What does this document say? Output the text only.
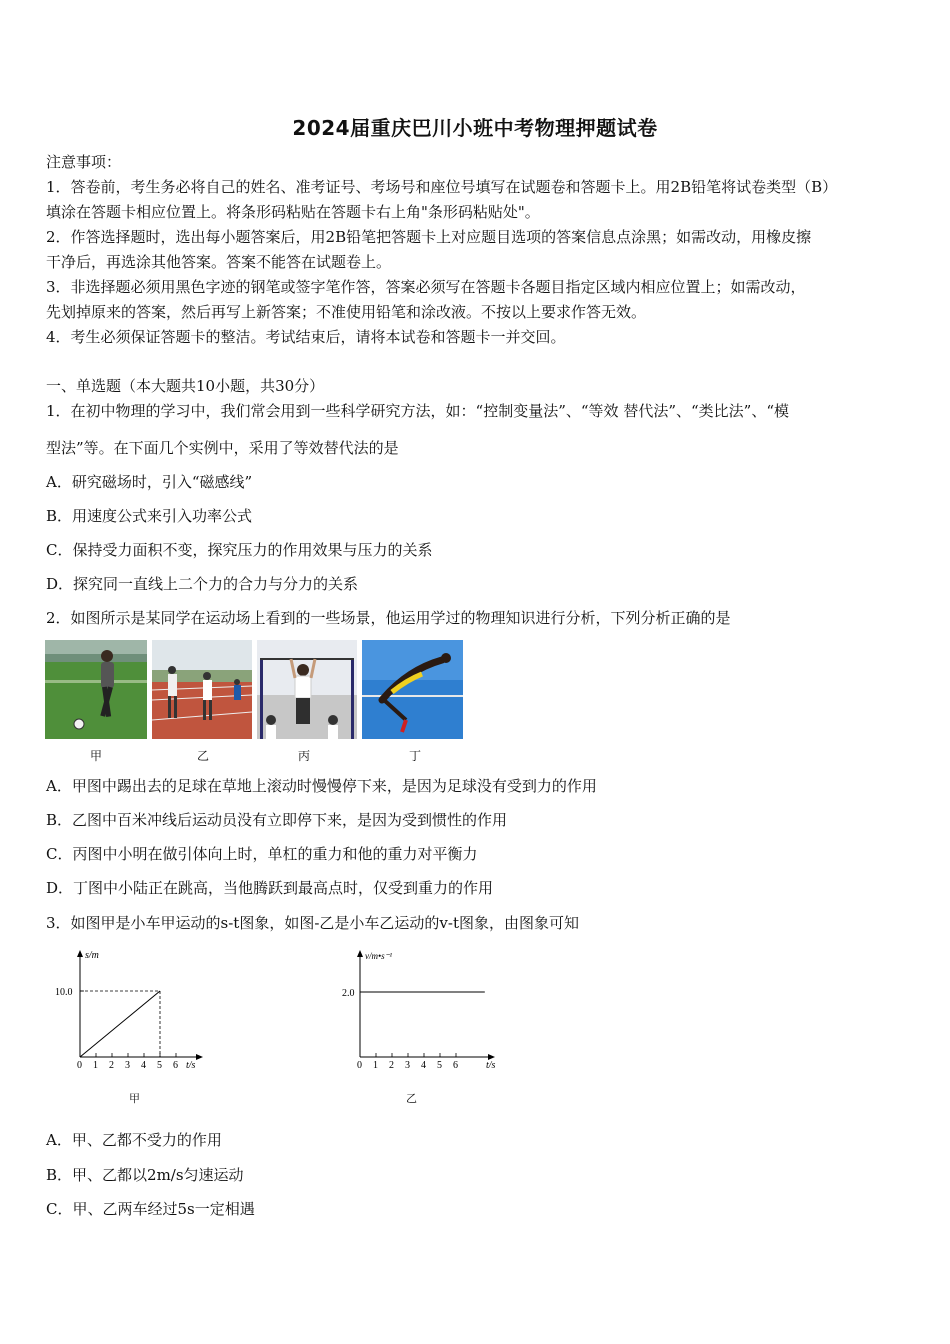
2024届重庆巴川小班中考物理押题试卷
注意事项：
1．答卷前，考生务必将自己的姓名、准考证号、考场号和座位号填写在试题卷和答题卡上。用2B铅笔将试卷类型（B）
填涂在答题卡相应位置上。将条形码粘贴在答题卡右上角"条形码粘贴处"。
2．作答选择题时，选出每小题答案后，用2B铅笔把答题卡上对应题目选项的答案信息点涂黑；如需改动，用橡皮擦
干净后，再选涂其他答案。答案不能答在试题卷上。
3．非选择题必须用黑色字迹的钢笔或签字笔作答，答案必须写在答题卡各题目指定区域内相应位置上；如需改动，
先划掉原来的答案，然后再写上新答案；不准使用铅笔和涂改液。不按以上要求作答无效。
4．考生必须保证答题卡的整洁。考试结束后，请将本试卷和答题卡一并交回。
一、单选题（本大题共10小题，共30分）
1．在初中物理的学习中，我们常会用到一些科学研究方法，如：“控制变量法”、“等效 替代法”、“类比法”、“模
型法”等。在下面几个实例中，采用了等效替代法的是
A．研究磁场时，引入“磁感线”
B．用速度公式来引入功率公式
C．保持受力面积不变，探究压力的作用效果与压力的关系
D．探究同一直线上二个力的合力与分力的关系
2．如图所示是某同学在运动场上看到的一些场景，他运用学过的物理知识进行分析，下列分析正确的是
甲	乙	丙	丁
A．甲图中踢出去的足球在草地上滚动时慢慢停下来，是因为足球没有受到力的作用
B．乙图中百米冲线后运动员没有立即停下来，是因为受到惯性的作用
C．丙图中小明在做引体向上时，单杠的重力和他的重力对平衡力
D．丁图中小陆正在跳高，当他腾跃到最高点时，仅受到重力的作用
3．如图甲是小车甲运动的s-t图象，如图-乙是小车乙运动的v-t图象，由图象可知
s/m
t/s
0 1 2 3 4 5 6
10.0
甲
v/m•s⁻¹
t/s
0 1 2 3 4 5 6
2.0
乙
A．甲、乙都不受力的作用
B．甲、乙都以2m/s匀速运动
C．甲、乙两车经过5s一定相遇
